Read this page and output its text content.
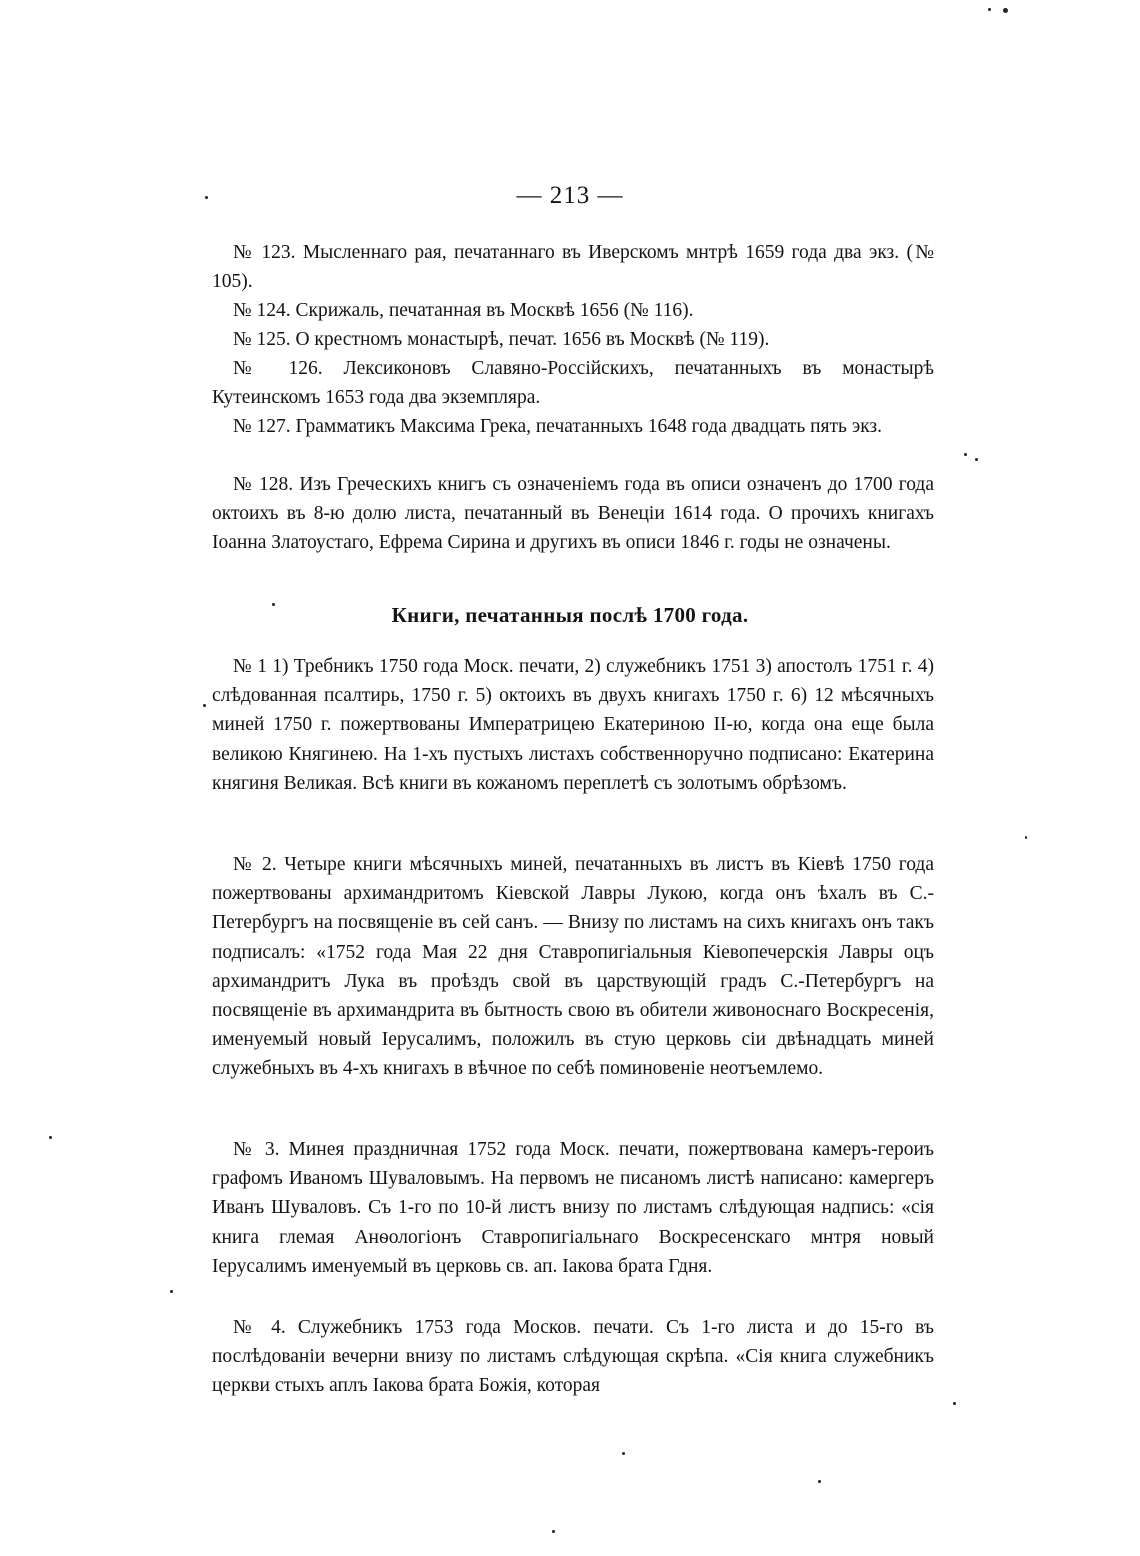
— 213 —

№ 123. Мысленнаго рая, печатаннаго въ Иверскомъ мнтрѣ 1659 года два экз. (№ 105).

№ 124. Скрижаль, печатанная въ Москвѣ 1656 (№ 116).

№ 125. О крестномъ монастырѣ, печат. 1656 въ Москвѣ (№ 119).

№ 126. Лексиконовъ Славяно-Россійскихъ, печатанныхъ въ монастырѣ Кутеинскомъ 1653 года два экземпляра.

№ 127. Грамматикъ Максима Грека, печатанныхъ 1648 года двадцать пять экз.

№ 128. Изъ Греческихъ книгъ съ означеніемъ года въ описи означенъ до 1700 года октоихъ въ 8-ю долю листа, печатанный въ Венеціи 1614 года. О прочихъ книгахъ Іоанна Златоустаго, Ефрема Сирина и другихъ въ описи 1846 г. годы не означены.

Книги, печатанныя послѣ 1700 года.

№ 1 1) Требникъ 1750 года Моск. печати, 2) служебникъ 1751 3) апостолъ 1751 г. 4) слѣдованная псалтирь, 1750 г. 5) октоихъ въ двухъ книгахъ 1750 г. 6) 12 мѣсячныхъ миней 1750 г. пожертвованы Императрицею Екатериною II-ю, когда она еще была великою Княгинею. На 1-хъ пустыхъ листахъ собственноручно подписано: Екатерина княгиня Великая. Всѣ книги въ кожаномъ переплетѣ съ золотымъ обрѣзомъ.

№ 2. Четыре книги мѣсячныхъ миней, печатанныхъ въ листъ въ Кіевѣ 1750 года пожертвованы архимандритомъ Кіевской Лавры Лукою, когда онъ ѣхалъ въ С.-Петербургъ на посвященіе въ сей санъ. — Внизу по листамъ на сихъ книгахъ онъ такъ подписалъ: «1752 года Мая 22 дня Ставропигіальныя Кіевопечерскія Лавры оцъ архимандритъ Лука въ проѣздъ свой въ царствующій градъ С.-Петербургъ на посвященіе въ архимандрита въ бытность свою въ обители живоноснаго Воскресенія, именуемый новый Іерусалимъ, положилъ въ стую церковь сіи двѣнадцать миней служебныхъ въ 4-хъ книгахъ в вѣчное по себѣ поминовеніе неотъемлемо.

№ 3. Минея праздничная 1752 года Моск. печати, пожертвована камеръ-героиъ графомъ Иваномъ Шуваловымъ. На первомъ не писаномъ листѣ написано: камергеръ Иванъ Шуваловъ. Съ 1-го по 10-й листъ внизу по листамъ слѣдующая надпись: «сія книга глемая Анѳологіонъ Ставропигіальнаго Воскресенскаго мнтря новый Іерусалимъ именуемый въ церковь св. ап. Іакова брата Гдня.

№ 4. Служебникъ 1753 года Москов. печати. Съ 1-го листа и до 15-го въ послѣдованіи вечерни внизу по листамъ слѣдующая скрѣпа. «Сія книга служебникъ церкви стыхъ аплъ Іакова брата Божія, которая
